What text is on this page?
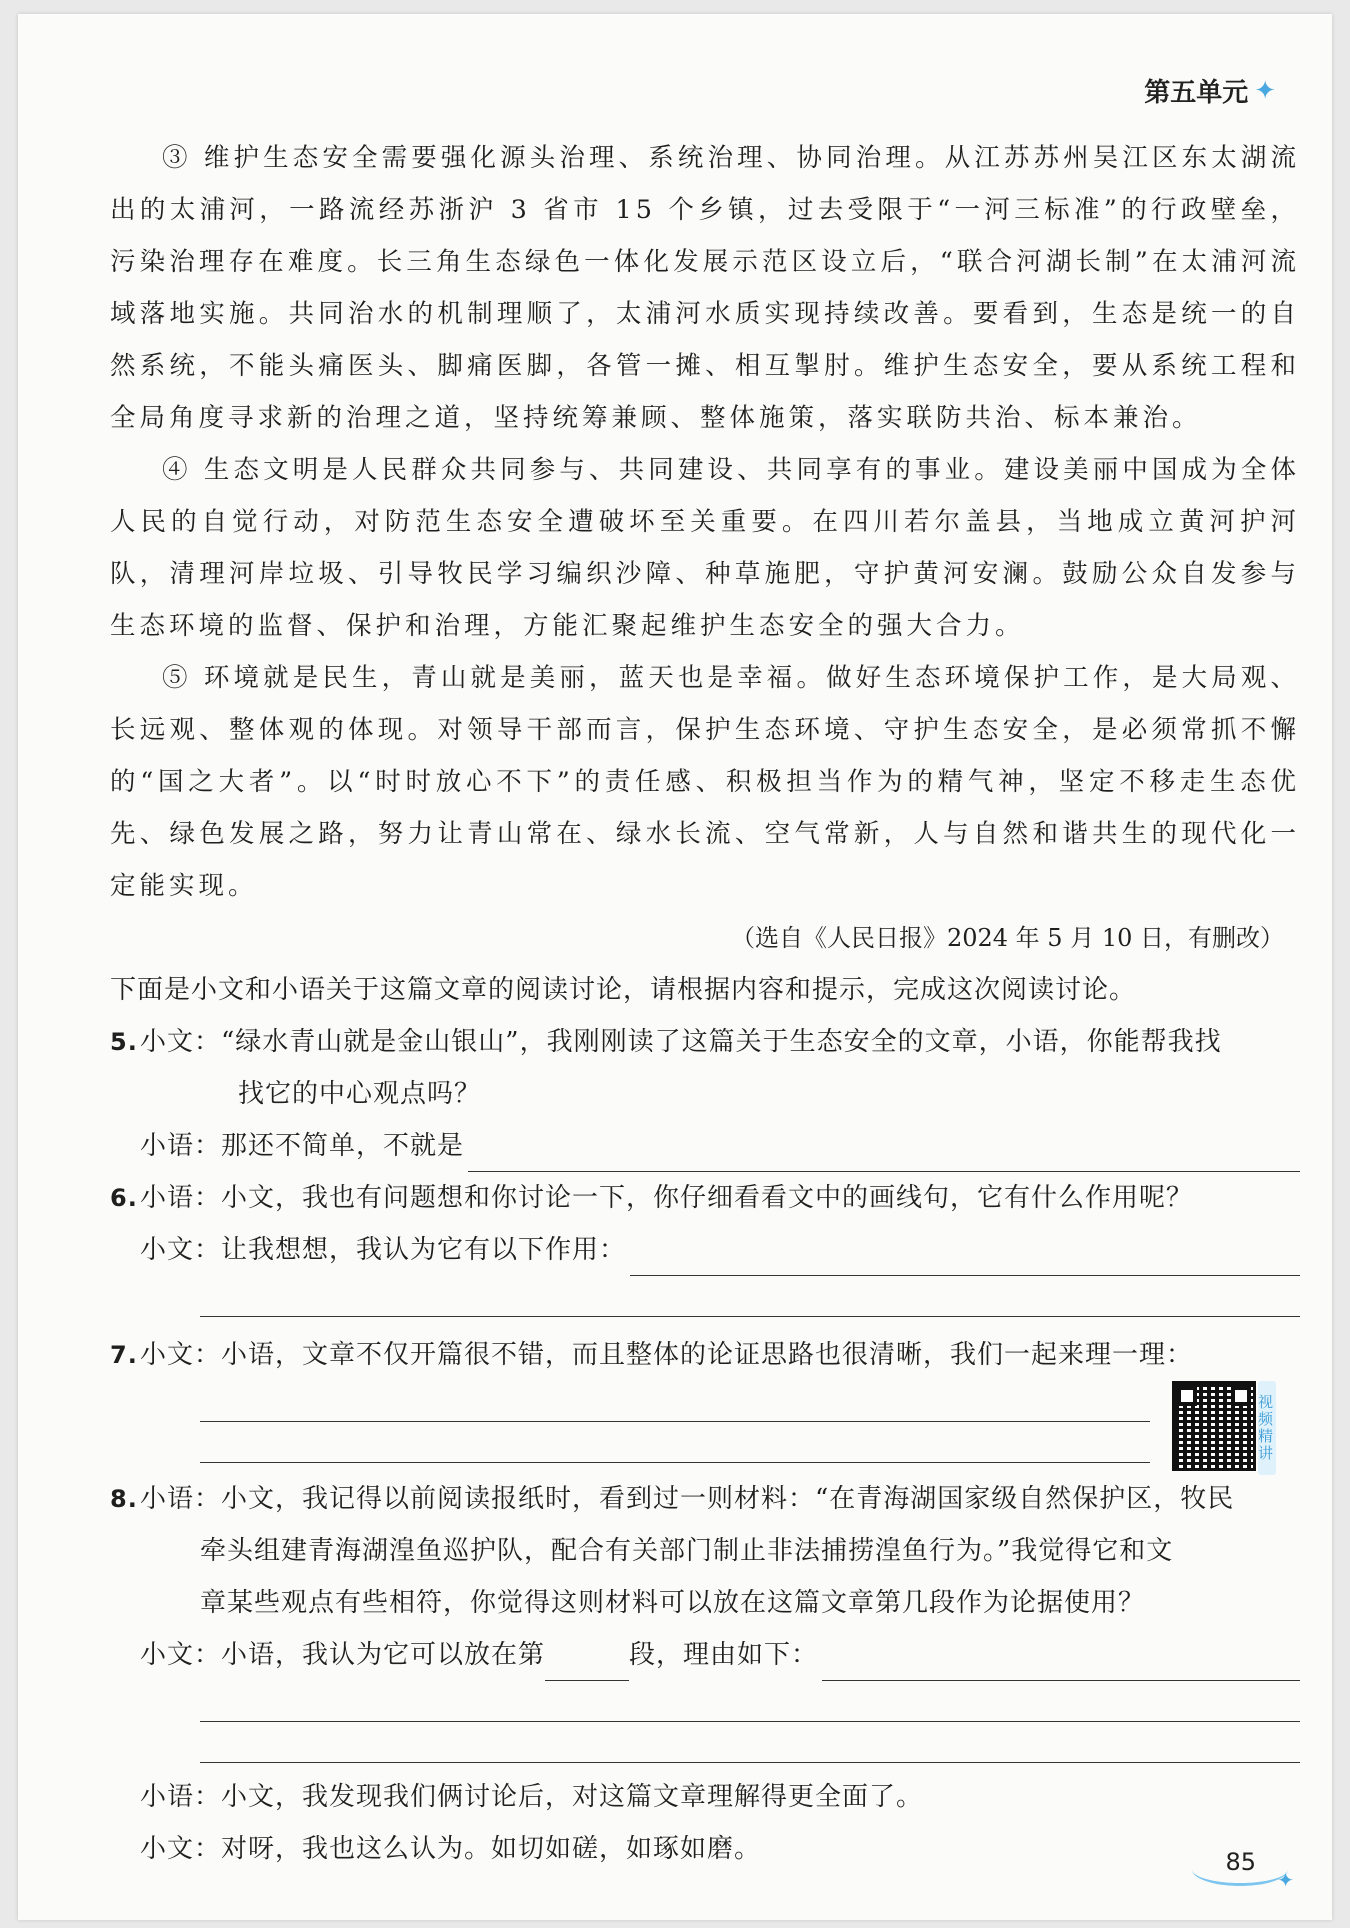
第五单元 ✦

③ 维护生态安全需要强化源头治理、系统治理、协同治理。从江苏苏州吴江区东太湖流出的太浦河，一路流经苏浙沪 3 省市 15 个乡镇，过去受限于“一河三标准”的行政壁垒，污染治理存在难度。长三角生态绿色一体化发展示范区设立后，“联合河湖长制”在太浦河流域落地实施。共同治水的机制理顺了，太浦河水质实现持续改善。要看到，生态是统一的自然系统，不能头痛医头、脚痛医脚，各管一摊、相互掣肘。维护生态安全，要从系统工程和全局角度寻求新的治理之道，坚持统筹兼顾、整体施策，落实联防共治、标本兼治。

④ 生态文明是人民群众共同参与、共同建设、共同享有的事业。建设美丽中国成为全体人民的自觉行动，对防范生态安全遭破坏至关重要。在四川若尔盖县，当地成立黄河护河队，清理河岸垃圾、引导牧民学习编织沙障、种草施肥，守护黄河安澜。鼓励公众自发参与生态环境的监督、保护和治理，方能汇聚起维护生态安全的强大合力。

⑤ 环境就是民生，青山就是美丽，蓝天也是幸福。做好生态环境保护工作，是大局观、长远观、整体观的体现。对领导干部而言，保护生态环境、守护生态安全，是必须常抓不懈的“国之大者”。以“时时放心不下”的责任感、积极担当作为的精气神，坚定不移走生态优先、绿色发展之路，努力让青山常在、绿水长流、空气常新，人与自然和谐共生的现代化一定能实现。

（选自《人民日报》2024 年 5 月 10 日，有删改）

下面是小文和小语关于这篇文章的阅读讨论，请根据内容和提示，完成这次阅读讨论。

5.小文：“绿水青山就是金山银山”，我刚刚读了这篇关于生态安全的文章，小语，你能帮我找
找它的中心观点吗？
小语：那还不简单，不就是
6.小语：小文，我也有问题想和你讨论一下，你仔细看看文中的画线句，它有什么作用呢？
小文：让我想想，我认为它有以下作用：
7.小文：小语，文章不仅开篇很不错，而且整体的论证思路也很清晰，我们一起来理一理：
视频精讲
8.小语：小文，我记得以前阅读报纸时，看到过一则材料：“在青海湖国家级自然保护区，牧民
牵头组建青海湖湟鱼巡护队，配合有关部门制止非法捕捞湟鱼行为。”我觉得它和文
章某些观点有些相符，你觉得这则材料可以放在这篇文章第几段作为论据使用？
小文：小语，我认为它可以放在第	段，理由如下：
小语：小文，我发现我们俩讨论后，对这篇文章理解得更全面了。
小文：对呀，我也这么认为。如切如磋，如琢如磨。
✦
85
